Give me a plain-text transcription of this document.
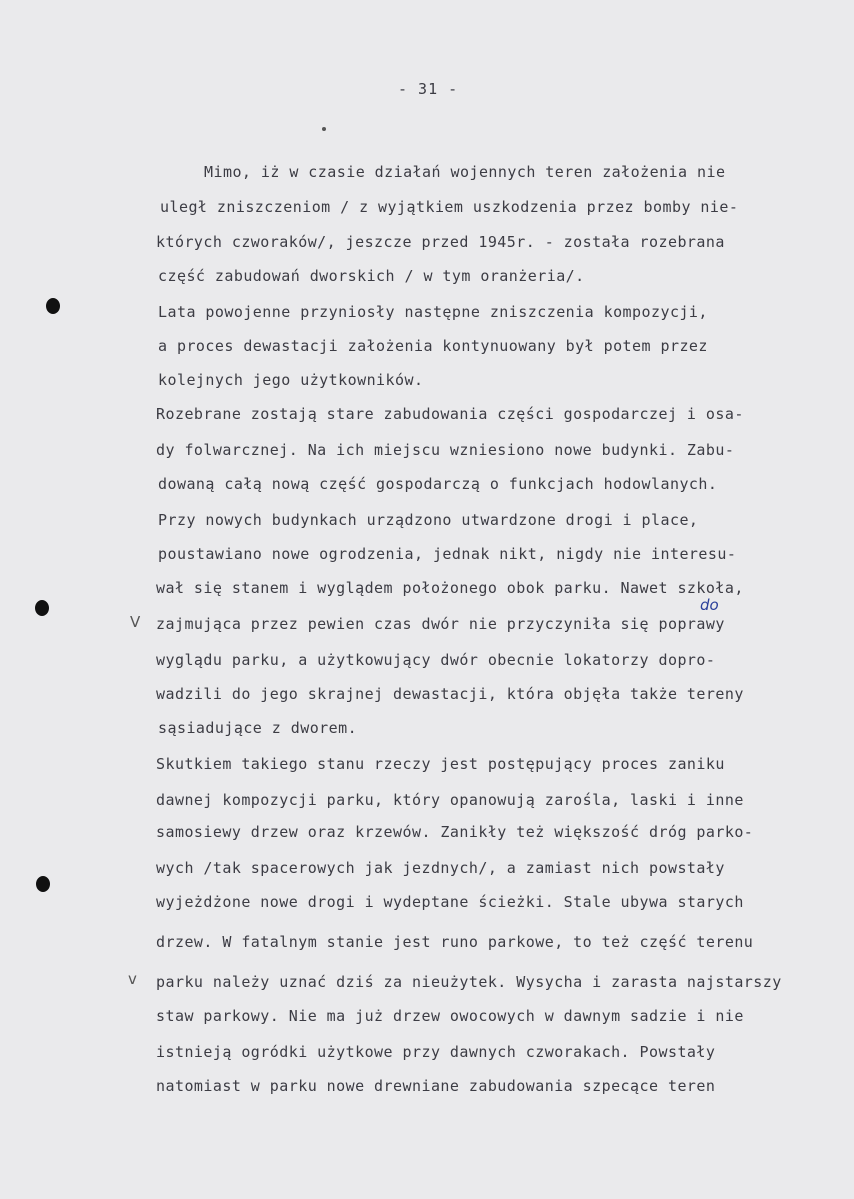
- 31 -
V
v
do
Mimo, iż w czasie działań wojennych teren założenia nie
uległ zniszczeniom / z wyjątkiem uszkodzenia przez bomby nie-
których czworaków/, jeszcze przed 1945r. - została rozebrana
część zabudowań dworskich / w tym oranżeria/.
Lata powojenne przyniosły następne zniszczenia kompozycji,
a proces dewastacji założenia kontynuowany był potem przez
kolejnych jego użytkowników.
Rozebrane zostają stare zabudowania części gospodarczej i osa-
dy folwarcznej. Na ich miejscu wzniesiono nowe budynki. Zabu-
dowaną całą nową część gospodarczą o funkcjach hodowlanych.
Przy nowych budynkach urządzono utwardzone drogi i place,
poustawiano nowe ogrodzenia, jednak nikt, nigdy nie interesu-
wał się stanem i wyglądem położonego obok parku. Nawet szkoła,
zajmująca przez pewien czas dwór nie przyczyniła się poprawy
wyglądu parku, a użytkowujący dwór obecnie lokatorzy dopro-
wadzili do jego skrajnej dewastacji, która objęła także tereny
sąsiadujące z dworem.
Skutkiem takiego stanu rzeczy jest postępujący proces zaniku
dawnej kompozycji parku, który opanowują zarośla, laski i inne
samosiewy drzew oraz krzewów. Zanikły też większość dróg parko-
wych /tak spacerowych jak jezdnych/, a zamiast nich powstały
wyjeżdżone nowe drogi i wydeptane ścieżki. Stale ubywa starych
drzew. W fatalnym stanie jest runo parkowe, to też część terenu
parku należy uznać dziś za nieużytek. Wysycha i zarasta najstarszy
staw parkowy. Nie ma już drzew owocowych w dawnym sadzie i nie
istnieją ogródki użytkowe przy dawnych czworakach. Powstały
natomiast w parku nowe drewniane zabudowania szpecące teren
